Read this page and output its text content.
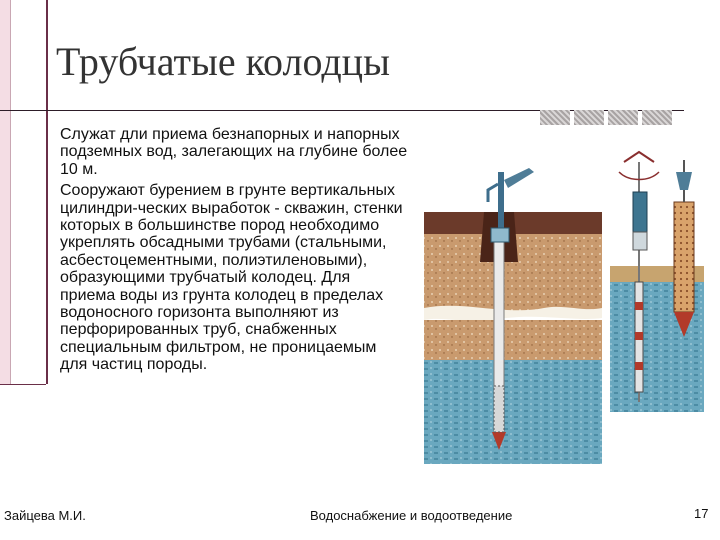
Трубчатые колодцы

Служат дли приема безнапорных и напорных подземных вод, залегающих на глубине более 10 м.

Сооружают бурением в грунте вертикальных цилиндри-ческих выработок - скважин, стенки которых в большинстве пород необходимо укреплять обсадными трубами (стальными, асбестоцементными, полиэтиленовыми), образующими трубчатый колодец. Для приема воды из грунта колодец в пределах водоносного горизонта выполняют из перфорированных труб, снабженных специальным фильтром, не проницаемым для частиц породы.

Зайцева М.И.	Водоснабжение и водоотведение	17
